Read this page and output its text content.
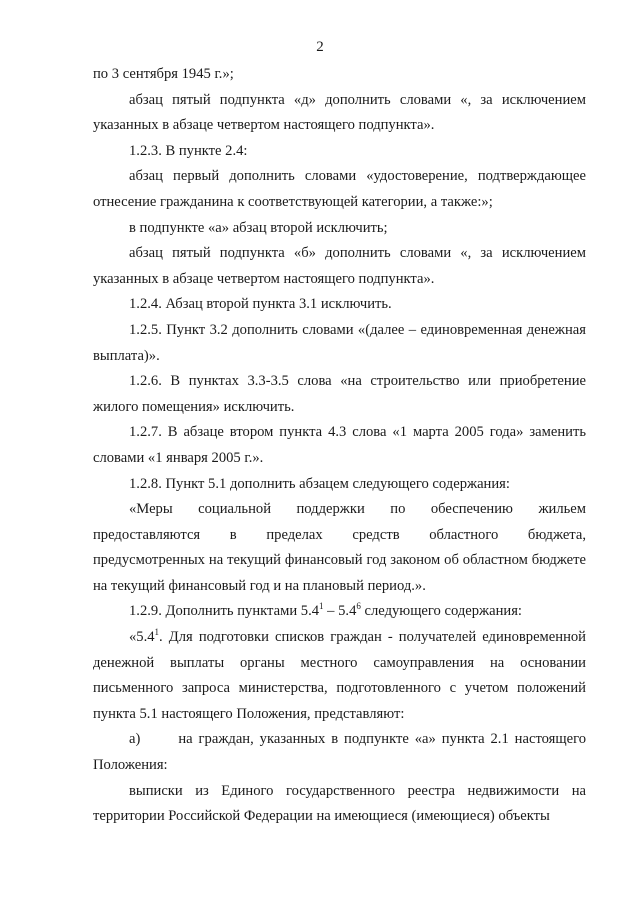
2

по 3 сентября 1945 г.»;

абзац пятый подпункта «д» дополнить словами «, за исключением указанных в абзаце четвертом настоящего подпункта».

1.2.3. В пункте 2.4:

абзац первый дополнить словами «удостоверение, подтверждающее отнесение гражданина к соответствующей категории, а также:»;

в подпункте «а» абзац второй исключить;

абзац пятый подпункта «б» дополнить словами «, за исключением указанных в абзаце четвертом настоящего подпункта».

1.2.4. Абзац второй пункта 3.1 исключить.

1.2.5. Пункт 3.2 дополнить словами «(далее – единовременная денежная выплата)».

1.2.6. В пунктах 3.3-3.5 слова «на строительство или приобретение жилого помещения» исключить.

1.2.7. В абзаце втором пункта 4.3 слова «1 марта 2005 года» заменить словами «1 января 2005 г.».

1.2.8. Пункт 5.1 дополнить абзацем следующего содержания:

«Меры социальной поддержки по обеспечению жильем

предоставляются в пределах средств областного бюджета,

предусмотренных на текущий финансовый год законом об областном бюджете на текущий финансовый год и на плановый период.».

1.2.9. Дополнить пунктами $5.4^1 - 5.4^6$ следующего содержания:

«$5.4^1$. Для подготовки списков граждан - получателей единовременной денежной выплаты органы местного самоуправления на основании письменного запроса министерства, подготовленного с учетом положений пункта 5.1 настоящего Положения, представляют:

а)	на граждан, указанных в подпункте «а» пункта 2.1 настоящего Положения:

выписки из Единого государственного реестра недвижимости на территории Российской Федерации на имеющиеся (имеющиеся) объекты
